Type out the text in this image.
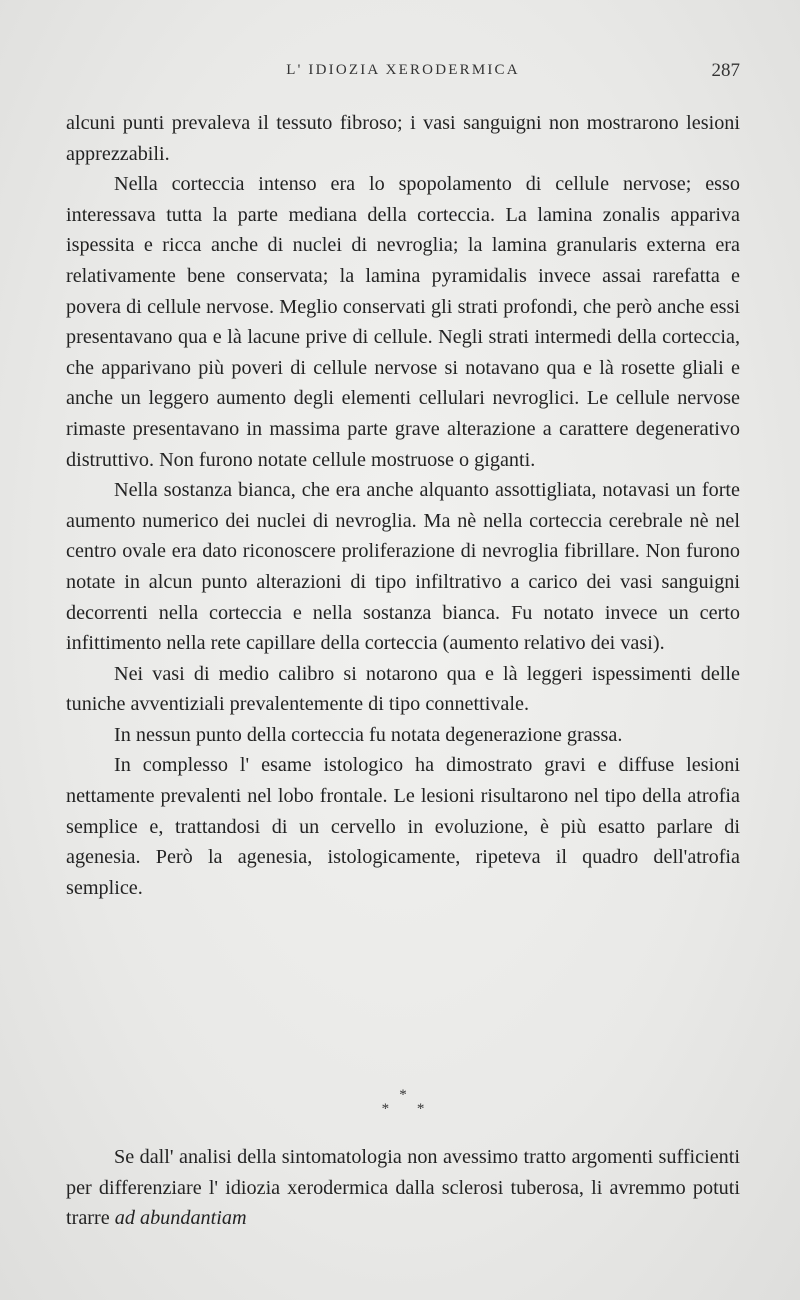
L' IDIOZIA XERODERMICA	287

alcuni punti prevaleva il tessuto fibroso; i vasi sanguigni non mostrarono lesioni apprezzabili.

Nella corteccia intenso era lo spopolamento di cellule nervose; esso interessava tutta la parte mediana della corteccia. La lamina zonalis appariva ispessita e ricca anche di nuclei di nevroglia; la lamina granularis externa era relativamente bene conservata; la lamina pyramidalis invece assai rarefatta e povera di cellule nervose. Meglio conservati gli strati profondi, che però anche essi presentavano qua e là lacune prive di cellule. Negli strati intermedi della corteccia, che apparivano più poveri di cellule nervose si notavano qua e là rosette gliali e anche un leggero aumento degli elementi cellulari nevroglici. Le cellule nervose rimaste presentavano in massima parte grave alterazione a carattere degenerativo distruttivo. Non furono notate cellule mostruose o giganti.

Nella sostanza bianca, che era anche alquanto assottigliata, notavasi un forte aumento numerico dei nuclei di nevroglia. Ma nè nella corteccia cerebrale nè nel centro ovale era dato riconoscere proliferazione di nevroglia fibrillare. Non furono notate in alcun punto alterazioni di tipo infiltrativo a carico dei vasi sanguigni decorrenti nella corteccia e nella sostanza bianca. Fu notato invece un certo infittimento nella rete capillare della corteccia (aumento relativo dei vasi).

Nei vasi di medio calibro si notarono qua e là leggeri ispessimenti delle tuniche avventiziali prevalentemente di tipo connettivale.

In nessun punto della corteccia fu notata degenerazione grassa.

In complesso l' esame istologico ha dimostrato gravi e diffuse lesioni nettamente prevalenti nel lobo frontale. Le lesioni risultarono nel tipo della atrofia semplice e, trattandosi di un cervello in evoluzione, è più esatto parlare di agenesia. Però la agenesia, istologicamente, ripeteva il quadro dell'atrofia semplice.

*
* *

Se dall' analisi della sintomatologia non avessimo tratto argomenti sufficienti per differenziare l' idiozia xerodermica dalla sclerosi tuberosa, li avremmo potuti trarre ad abundantiam
